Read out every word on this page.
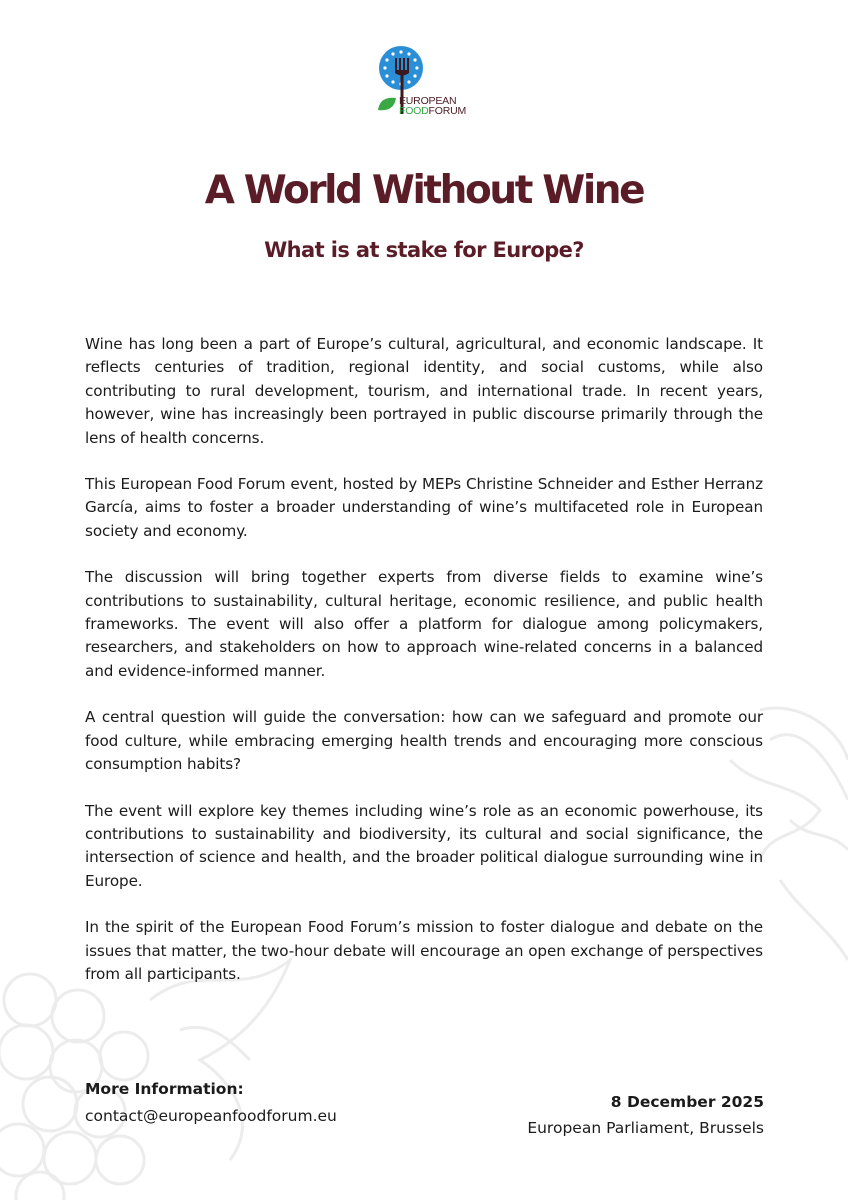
EUROPEAN
FOODFORUM
A World Without Wine
What is at stake for Europe?

Wine has long been a part of Europe’s cultural, agricultural, and economic landscape. It reflects centuries of tradition, regional identity, and social customs, while also contributing to rural development, tourism, and international trade. In recent years, however, wine has increasingly been portrayed in public discourse primarily through the lens of health concerns.

This European Food Forum event, hosted by MEPs Christine Schneider and Esther Herranz García, aims to foster a broader understanding of wine’s multifaceted role in European society and economy.

The discussion will bring together experts from diverse fields to examine wine’s contributions to sustainability, cultural heritage, economic resilience, and public health frameworks. The event will also offer a platform for dialogue among policymakers, researchers, and stakeholders on how to approach wine-related concerns in a balanced and evidence-informed manner.

A central question will guide the conversation: how can we safeguard and promote our food culture, while embracing emerging health trends and encouraging more conscious consumption habits?

The event will explore key themes including wine’s role as an economic powerhouse, its contributions to sustainability and biodiversity, its cultural and social significance, the intersection of science and health, and the broader political dialogue surrounding wine in Europe.

In the spirit of the European Food Forum’s mission to foster dialogue and debate on the issues that matter, the two-hour debate will encourage an open exchange of perspectives from all participants.

More Information:

contact@europeanfoodforum.eu

8 December 2025

European Parliament, Brussels
